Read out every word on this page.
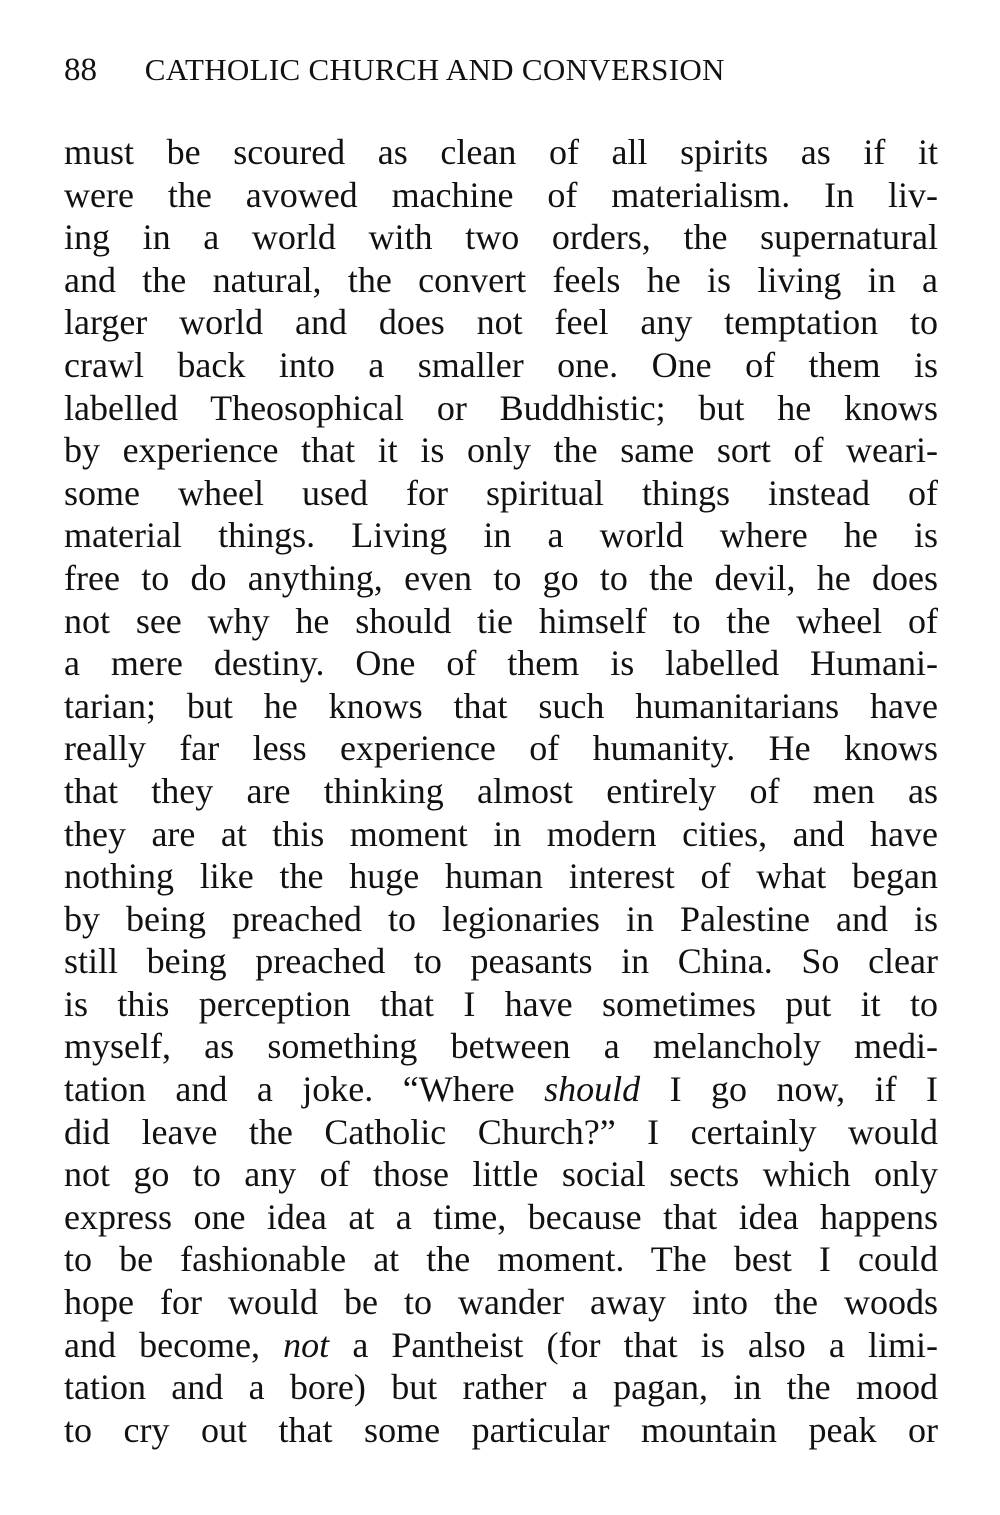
88 CATHOLIC CHURCH AND CONVERSION
must be scoured as clean of all spirits as if it
were the avowed machine of materialism. In liv-
ing in a world with two orders, the supernatural
and the natural, the convert feels he is living in a
larger world and does not feel any temptation to
crawl back into a smaller one. One of them is
labelled Theosophical or Buddhistic; but he knows
by experience that it is only the same sort of weari-
some wheel used for spiritual things instead of
material things. Living in a world where he is
free to do anything, even to go to the devil, he does
not see why he should tie himself to the wheel of
a mere destiny. One of them is labelled Humani-
tarian; but he knows that such humanitarians have
really far less experience of humanity. He knows
that they are thinking almost entirely of men as
they are at this moment in modern cities, and have
nothing like the huge human interest of what began
by being preached to legionaries in Palestine and is
still being preached to peasants in China. So clear
is this perception that I have sometimes put it to
myself, as something between a melancholy medi-
tation and a joke. “Where should I go now, if I
did leave the Catholic Church?” I certainly would
not go to any of those little social sects which only
express one idea at a time, because that idea happens
to be fashionable at the moment. The best I could
hope for would be to wander away into the woods
and become, not a Pantheist (for that is also a limi-
tation and a bore) but rather a pagan, in the mood
to cry out that some particular mountain peak or
